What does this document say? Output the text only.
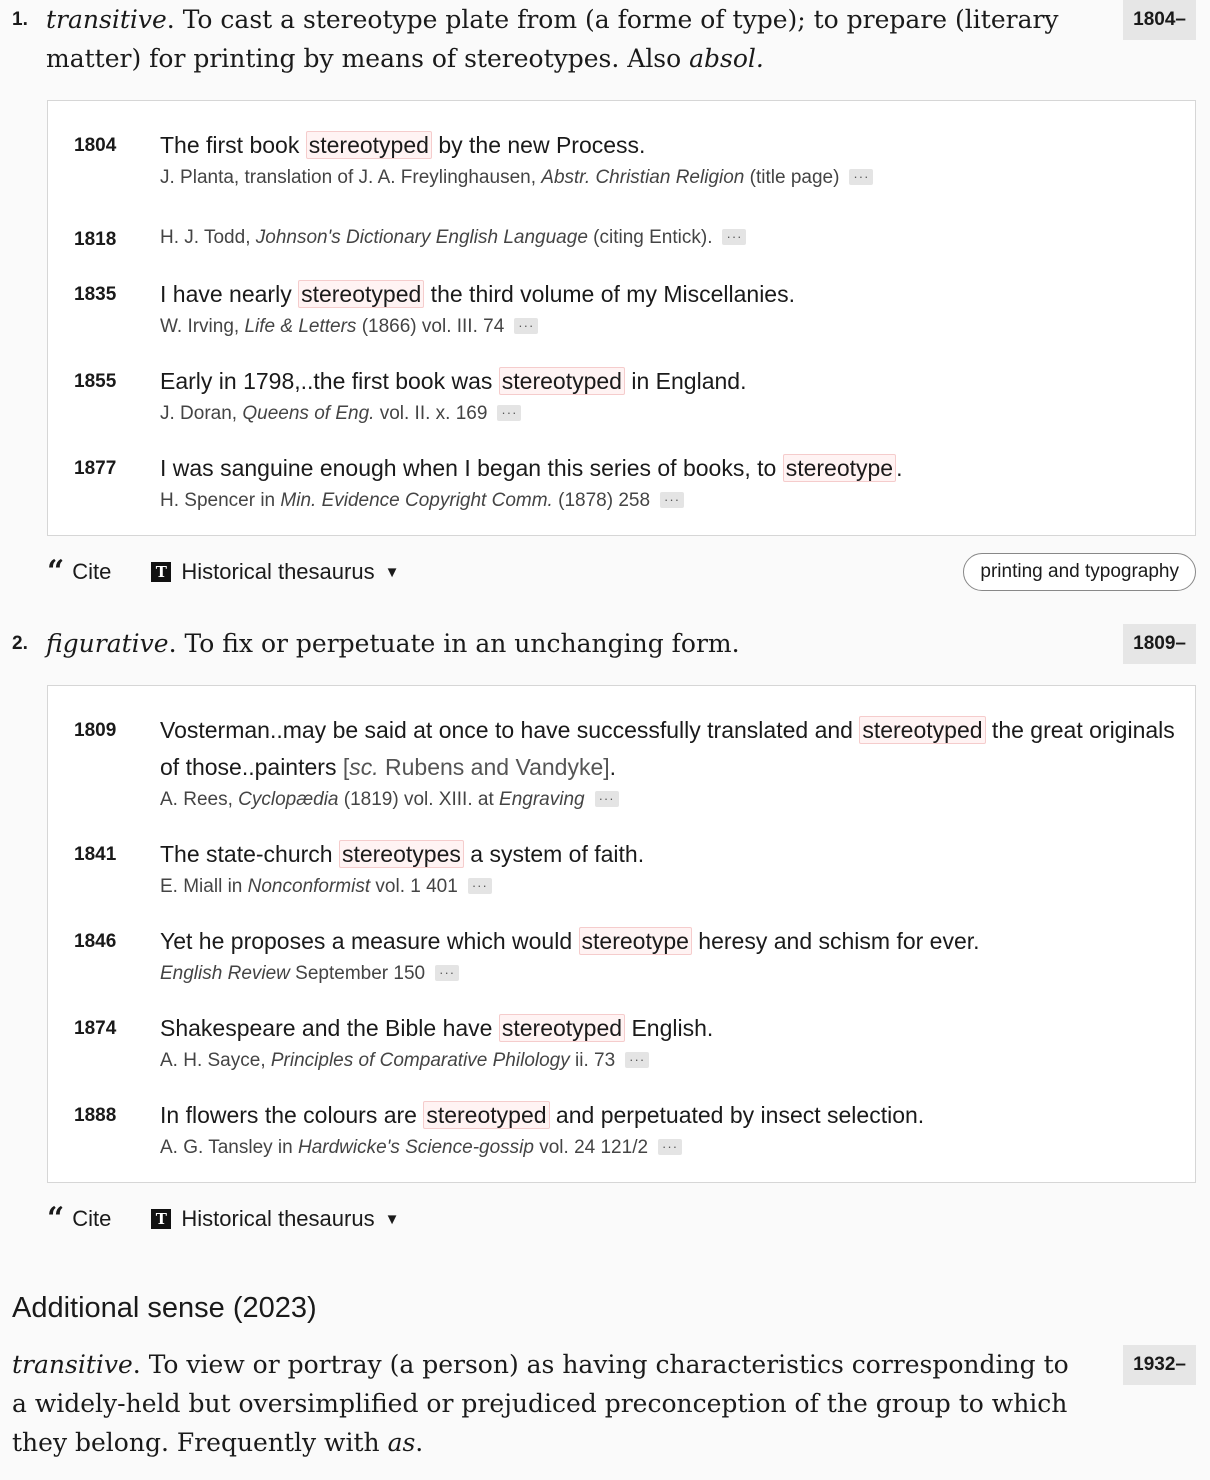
1. transitive. To cast a stereotype plate from (a forme of type); to prepare (literary matter) for printing by means of stereotypes. Also absol.
1804–
1804	The first book stereotyped by the new Process.
J. Planta, translation of J. A. Freylinghausen, Abstr. Christian Religion (title page) ···
1818	H. J. Todd, Johnson's Dictionary English Language (citing Entick). ···
1835	I have nearly stereotyped the third volume of my Miscellanies.
W. Irving, Life & Letters (1866) vol. III. 74 ···
1855	Early in 1798,..the first book was stereotyped in England.
J. Doran, Queens of Eng. vol. II. x. 169 ···
1877	I was sanguine enough when I began this series of books, to stereotype .
H. Spencer in Min. Evidence Copyright Comm. (1878) 258 ···
“ Cite	T Historical thesaurus ▼	printing and typography
2. figurative. To fix or perpetuate in an unchanging form.	1809–
1809	Vosterman..may be said at once to have successfully translated and stereotyped the great originals of those..painters [sc. Rubens and Vandyke].
A. Rees, Cyclopædia (1819) vol. XIII. at Engraving ···
1841	The state-church stereotypes a system of faith.
E. Miall in Nonconformist vol. 1 401 ···
1846	Yet he proposes a measure which would stereotype heresy and schism for ever.
English Review September 150 ···
1874	Shakespeare and the Bible have stereotyped English.
A. H. Sayce, Principles of Comparative Philology ii. 73 ···
1888	In flowers the colours are stereotyped and perpetuated by insect selection.
A. G. Tansley in Hardwicke's Science-gossip vol. 24 121/2 ···
“ Cite	T Historical thesaurus ▼
Additional sense (2023)
transitive. To view or portray (a person) as having characteristics corresponding to a widely-held but oversimplified or prejudiced preconception of the group to which they belong. Frequently with as.
1932–
